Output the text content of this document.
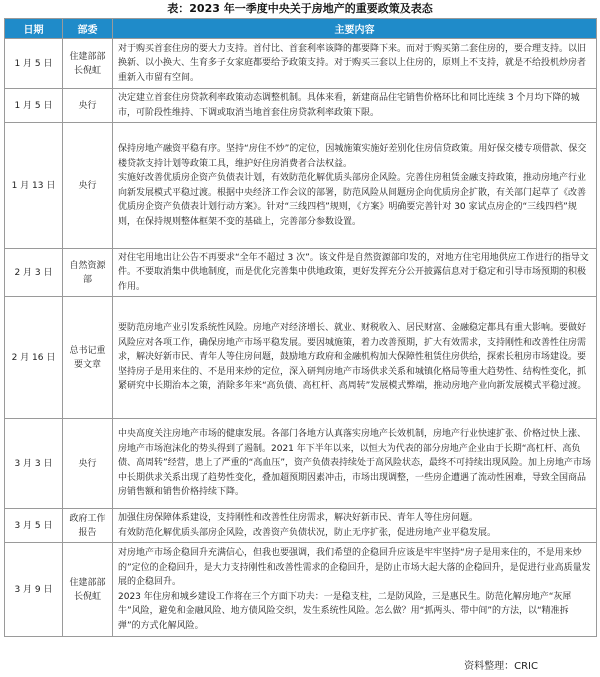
表：2023 年一季度中央关于房地产的重要政策及表态
日期	部委	主要内容
1 月 5 日	住建部部长倪虹	对于购买首套住房的要大力支持。首付比、首套利率该降的都要降下来。而对于购买第二套住房的，要合理支持。以旧换新、以小换大、生育多子女家庭都要给予政策支持。对于购买三套以上住房的，原则上不支持，就是不给投机炒房者重新入市留有空间。
1 月 5 日	央行	决定建立首套住房贷款利率政策动态调整机制。具体来看，新建商品住宅销售价格环比和同比连续 3 个月均下降的城市，可阶段性维持、下调或取消当地首套住房贷款利率政策下限。
1 月 13 日	央行	保持房地产融资平稳有序。坚持“房住不炒”的定位，因城施策实施好差别化住房信贷政策。用好保交楼专项借款、保交楼贷款支持计划等政策工具，维护好住房消费者合法权益。
实施好改善优质房企资产负债表计划，有效防范化解优质头部房企风险。完善住房租赁金融支持政策，推动房地产行业向新发展模式平稳过渡。根据中央经济工作会议的部署，防范风险从间题房企向优质房企扩散，有关部门起草了《改善优质房企资产负债表计划行动方案》。针对“三线四档”规则，《方案》明确要完善针对 30 家试点房企的“三线四档”规则，在保持规则整体框架不变的基础上，完善部分参数设置。
2 月 3 日	自然资源部	对住宅用地出让公告不再要求“全年不超过 3 次”。该文件是自然资源部印发的，对地方住宅用地供应工作进行的指导文件。不要取消集中供地制度，而是优化完善集中供地政策，更好发挥充分公开披露信息对于稳定和引导市场预期的积极作用。
2 月 16 日	总书记重要文章	要防范房地产业引发系统性风险。房地产对经济增长、就业、财税收入、居民财富、金融稳定都具有重大影响。要做好风险应对各项工作，确保房地产市场平稳发展。要因城施策，着力改善预期，扩大有效需求，支持刚性和改善性住房需求，解决好新市民、青年人等住房问题，鼓励地方政府和金融机构加大保障性租赁住房供给，探索长租房市场建设。要坚持房子是用来住的、不是用来炒的定位，深入研判房地产市场供求关系和城镇化格局等重大趋势性、结构性变化，抓紧研究中长期治本之策，消除多年来“高负债、高杠杆、高周转”发展模式弊端，推动房地产业向新发展模式平稳过渡。
3 月 3 日	央行	中央高度关注房地产市场的健康发展。各部门各地方认真落实房地产长效机制，房地产行业快速扩张、价格过快上涨、房地产市场泡沫化的势头得到了遏制。2021 年下半年以来，以恒大为代表的部分房地产企业由于长期“高杠杆、高负债、高周转”经营，患上了严重的“高血压”，资产负债表持续处于高风险状态，最终不可持续出现风险。加上房地产市场中长期供求关系出现了趋势性变化，叠加超预期因素冲击，市场出现调整，一些房企遭遇了流动性困难，导致全国商品房销售额和销售价格持续下降。
3 月 5 日	政府工作报告	加强住房保障体系建设，支持刚性和改善性住房需求，解决好新市民、青年人等住房问题。
有效防范化解优质头部房企风险，改善资产负债状况，防止无序扩张，促进房地产业平稳发展。
3 月 9 日	住建部部长倪虹	对房地产市场企稳回升充满信心，但我也要强调，我们希望的企稳回升应该是牢牢坚持“房子是用来住的，不是用来炒的”定位的企稳回升，是大力支持刚性和改善性需求的企稳回升，是防止市场大起大落的企稳回升，是促进行业高质量发展的企稳回升。
2023 年住房和城乡建设工作将在三个方面下功夫：一是稳支柱，二是防风险，三是惠民生。防范化解房地产“灰犀牛”风险，避免和金融风险、地方债风险交织，发生系统性风险。怎么做？用“抓两头、带中间”的方法，以“精准拆弹”的方式化解风险。
资料整理：CRIC
